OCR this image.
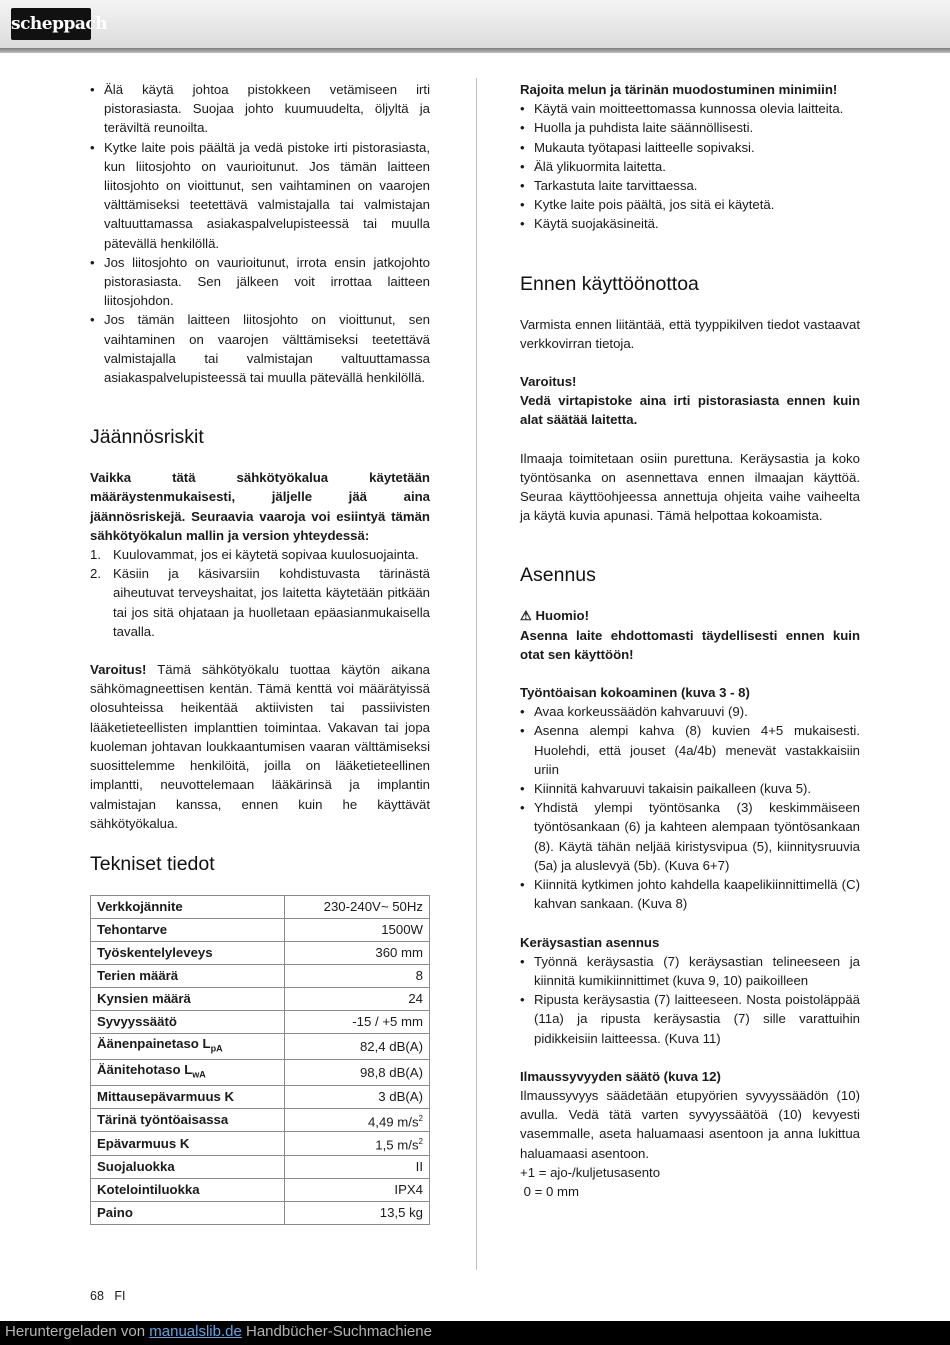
scheppach
• Älä käytä johtoa pistokkeen vetämiseen irti pistorasiasta. Suojaa johto kuumuudelta, öljyltä ja teräviltä reunoilta.
• Kytke laite pois päältä ja vedä pistoke irti pistorasiasta, kun liitosjohto on vaurioitunut. Jos tämän laitteen liitosjohto on vioittunut, sen vaihtaminen on vaarojen välttämiseksi teetettävä valmistajalla tai valmistajan valtuuttamassa asiakaspalvelupisteessä tai muulla pätevällä henkilöllä.
• Jos liitosjohto on vaurioitunut, irrota ensin jatkojohto pistorasiasta. Sen jälkeen voit irrottaa laitteen liitosjohdon.
• Jos tämän laitteen liitosjohto on vioittunut, sen vaihtaminen on vaarojen välttämiseksi teetettävä valmistajalla tai valmistajan valtuuttamassa asiakaspalvelupisteessä tai muulla pätevällä henkilöllä.
Jäännösriskit

Vaikka tätä sähkötyökalua käytetään määräystenmukaisesti, jäljelle jää aina jäännösriskejä. Seuraavia vaaroja voi esiintyä tämän sähkötyökalun mallin ja version yhteydessä:

1. Kuulovammat, jos ei käytetä sopivaa kuulosuojainta.
2. Käsiin ja käsivarsiin kohdistuvasta tärinästä aiheutuvat terveyshaitat, jos laitetta käytetään pitkään tai jos sitä ohjataan ja huolletaan epäasianmukaisella tavalla.

Varoitus! Tämä sähkötyökalu tuottaa käytön aikana sähkömagneettisen kentän. Tämä kenttä voi määrätyissä olosuhteissa heikentää aktiivisten tai passiivisten lääketieteellisten implanttien toimintaa. Vakavan tai jopa kuoleman johtavan loukkaantumisen vaaran välttämiseksi suosittelemme henkilöitä, joilla on lääketieteellinen implantti, neuvottelemaan lääkärinsä ja implantin valmistajan kanssa, ennen kuin he käyttävät sähkötyökalua.

Tekniset tiedot
Verkkojännite	230-240V~ 50Hz
Tehontarve	1500W
Työskentelyleveys	360 mm
Terien määrä	8
Kynsien määrä	24
Syvyyssäätö	-15 / +5 mm
Äänenpainetaso $L_{pA}$	82,4 dB(A)
Äänitehotaso $L_{wA}$	98,8 dB(A)
Mittausepävarmuus K	3 dB(A)
Tärinä työntöaisassa	4,49 $m/s^2$
Epävarmuus K	1,5 $m/s^2$
Suojaluokka	II
Kotelointiluokka	IPX4
Paino	13,5 kg

Rajoita melun ja tärinän muodostuminen minimiin!

• Käytä vain moitteettomassa kunnossa olevia laitteita.
• Huolla ja puhdista laite säännöllisesti.
• Mukauta työtapasi laitteelle sopivaksi.
• Älä ylikuormita laitetta.
• Tarkastuta laite tarvittaessa.
• Kytke laite pois päältä, jos sitä ei käytetä.
• Käytä suojakäsineitä.
Ennen käyttöönottoa

Varmista ennen liitäntää, että tyyppikilven tiedot vastaavat verkkovirran tietoja.

Varoitus!

Vedä virtapistoke aina irti pistorasiasta ennen kuin alat säätää laitetta.

Ilmaaja toimitetaan osiin purettuna. Keräysastia ja koko työntösanka on asennettava ennen ilmaajan käyttöä. Seuraa käyttöohjeessa annettuja ohjeita vaihe vaiheelta ja käytä kuvia apunasi. Tämä helpottaa kokoamista.

Asennus

⚠ Huomio!

Asenna laite ehdottomasti täydellisesti ennen kuin otat sen käyttöön!

Työntöaisan kokoaminen (kuva 3 - 8)

• Avaa korkeussäädön kahvaruuvi (9).
• Asenna alempi kahva (8) kuvien 4+5 mukaisesti. Huolehdi, että jouset (4a/4b) menevät vastakkaisiin uriin
• Kiinnitä kahvaruuvi takaisin paikalleen (kuva 5).
• Yhdistä ylempi työntösanka (3) keskimmäiseen työntösankaan (6) ja kahteen alempaan työntösankaan (8). Käytä tähän neljää kiristysvipua (5), kiinnitysruuvia (5a) ja aluslevyä (5b). (Kuva 6+7)
• Kiinnitä kytkimen johto kahdella kaapelikiinnittimellä (C) kahvan sankaan. (Kuva 8)

Keräysastian asennus

• Työnnä keräysastia (7) keräysastian telineeseen ja kiinnitä kumikiinnittimet (kuva 9, 10) paikoilleen
• Ripusta keräysastia (7) laitteeseen. Nosta poistoläppää (11a) ja ripusta keräysastia (7) sille varattuihin pidikkeisiin laitteessa. (Kuva 11)

Ilmaussyvyyden säätö (kuva 12)

Ilmaussyvyys säädetään etupyörien syvyyssäädön (10) avulla. Vedä tätä varten syvyyssäätöä (10) kevyesti vasemmalle, aseta haluamaasi asentoon ja anna lukittua haluamaasi asentoon.

+1 = ajo-/kuljetusasento

0 = 0 mm

68 FI
Heruntergeladen von manualslib.de Handbücher-Suchmachiene
